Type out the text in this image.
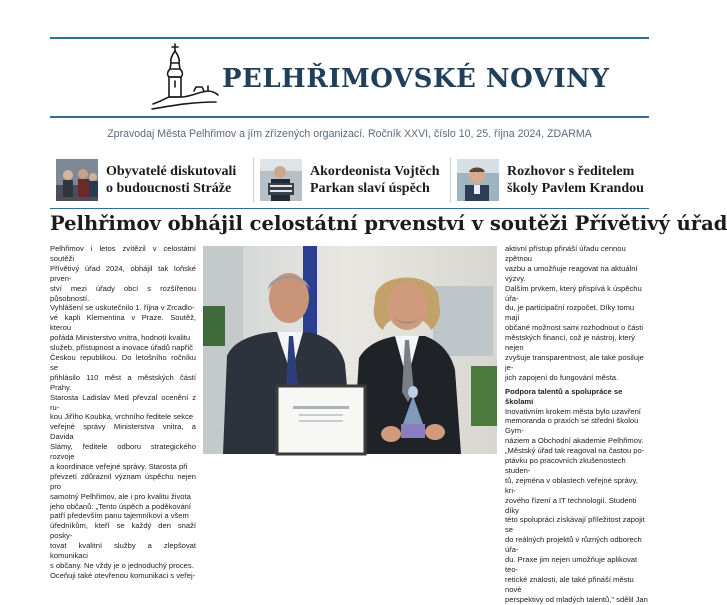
PELHŘIMOVSKÉ NOVINY
Zpravodaj Města Pelhřimov a jím zřízených organizací. Ročník XXVI, číslo 10, 25. října 2024, ZDARMA
Obyvatelé diskutovali
o budoucnosti Stráže
Akordeonista Vojtěch
Parkan slaví úspěch
Rozhovor s ředitelem
školy Pavlem Krandou
Pelhřimov obhájil celostátní prvenství v soutěži Přívětivý úřad

Pelhřimov i letos zvítězil v celostátní soutěži

Přívětivý úřad 2024, obhájil tak loňské prven-

ství mezi úřady obcí s rozšířenou působností.

Vyhlášení se uskutečnilo 1. října v Zrcadlo-

vé kapli Klementina v Praze. Soutěž, kterou

pořádá Ministerstvo vnitra, hodnotí kvalitu

služeb, přístupnost a inovace úřadů napříč

Českou republikou. Do letošního ročníku se

přihlásilo 110 měst a městských částí Prahy.

Starosta Ladislav Med převzal ocenění z ru-

kou Jiřího Koubka, vrchního ředitele sekce

veřejné správy Ministerstva vnitra, a Davida

Slámy, ředitele odboru strategického rozvoje

a koordinace veřejné správy. Starosta při

převzetí zdůraznil význam úspěchu nejen pro

samotný Pelhřimov, ale i pro kvalitu života

jeho občanů: „Tento úspěch a poděkování

patří především panu tajemníkovi a všem

úředníkům, kteří se každý den snaží posky-

tovat kvalitní služby a zlepšovat komunikaci

s občany. Ne vždy je o jednoduchý proces.

Oceňuji také otevřenou komunikaci s veřej-

aktivní přístup přináší úřadu cennou zpětnou

vazbu a umožňuje reagovat na aktuální výzvy.

Dalším prvkem, který přispívá k úspěchu úřa-

du, je participační rozpočet. Díky tomu mají

občané možnost sami rozhodnout o části

městských financí, což je nástroj, který nejen

zvyšuje transparentnost, ale také posiluje je-

jich zapojení do fungování města.

Podpora talentů a spolupráce se školami

Inovativním krokem města bylo uzavření

memoranda o praxích se střední školou Gym-

náziem a Obchodní akademie Pelhřimov.

„Městský úřad tak reagoval na častou po-

ptávku po pracovních zkušenostech studen-

tů, zejména v oblastech veřejné správy, kri-

zového řízení a IT technologií. Studenti díky

této spolupráci získávají příležitost zapojit se

do reálných projektů v různých odborech úřa-

du. Praxe jim nejen umožňuje aplikovat teo-

retické znalosti, ale také přináší městu nové

perspektivy od mladých talentů," sdělil Jan
